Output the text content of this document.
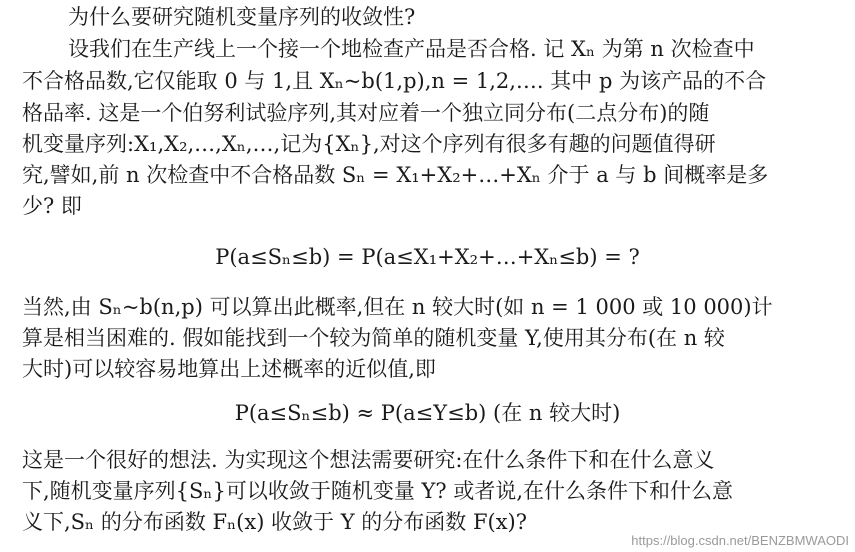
为什么要研究随机变量序列的收敛性?
设我们在生产线上一个接一个地检查产品是否合格. 记 Xₙ 为第 n 次检查中
不合格品数,它仅能取 0 与 1,且 Xₙ~b(1,p),n = 1,2,…. 其中 p 为该产品的不合
格品率. 这是一个伯努利试验序列,其对应着一个独立同分布(二点分布)的随
机变量序列:X₁,X₂,…,Xₙ,…,记为{Xₙ},对这个序列有很多有趣的问题值得研
究,譬如,前 n 次检查中不合格品数 Sₙ = X₁+X₂+…+Xₙ 介于 a 与 b 间概率是多
少? 即
P(a≤Sₙ≤b) = P(a≤X₁+X₂+…+Xₙ≤b) = ?
当然,由 Sₙ~b(n,p) 可以算出此概率,但在 n 较大时(如 n = 1 000 或 10 000)计
算是相当困难的. 假如能找到一个较为简单的随机变量 Y,使用其分布(在 n 较
大时)可以较容易地算出上述概率的近似值,即
P(a≤Sₙ≤b) ≈ P(a≤Y≤b) (在 n 较大时)
这是一个很好的想法. 为实现这个想法需要研究:在什么条件下和在什么意义
下,随机变量序列{Sₙ}可以收敛于随机变量 Y? 或者说,在什么条件下和什么意
义下,Sₙ 的分布函数 Fₙ(x) 收敛于 Y 的分布函数 F(x)?
https://blog.csdn.net/BENZBMWAODI
